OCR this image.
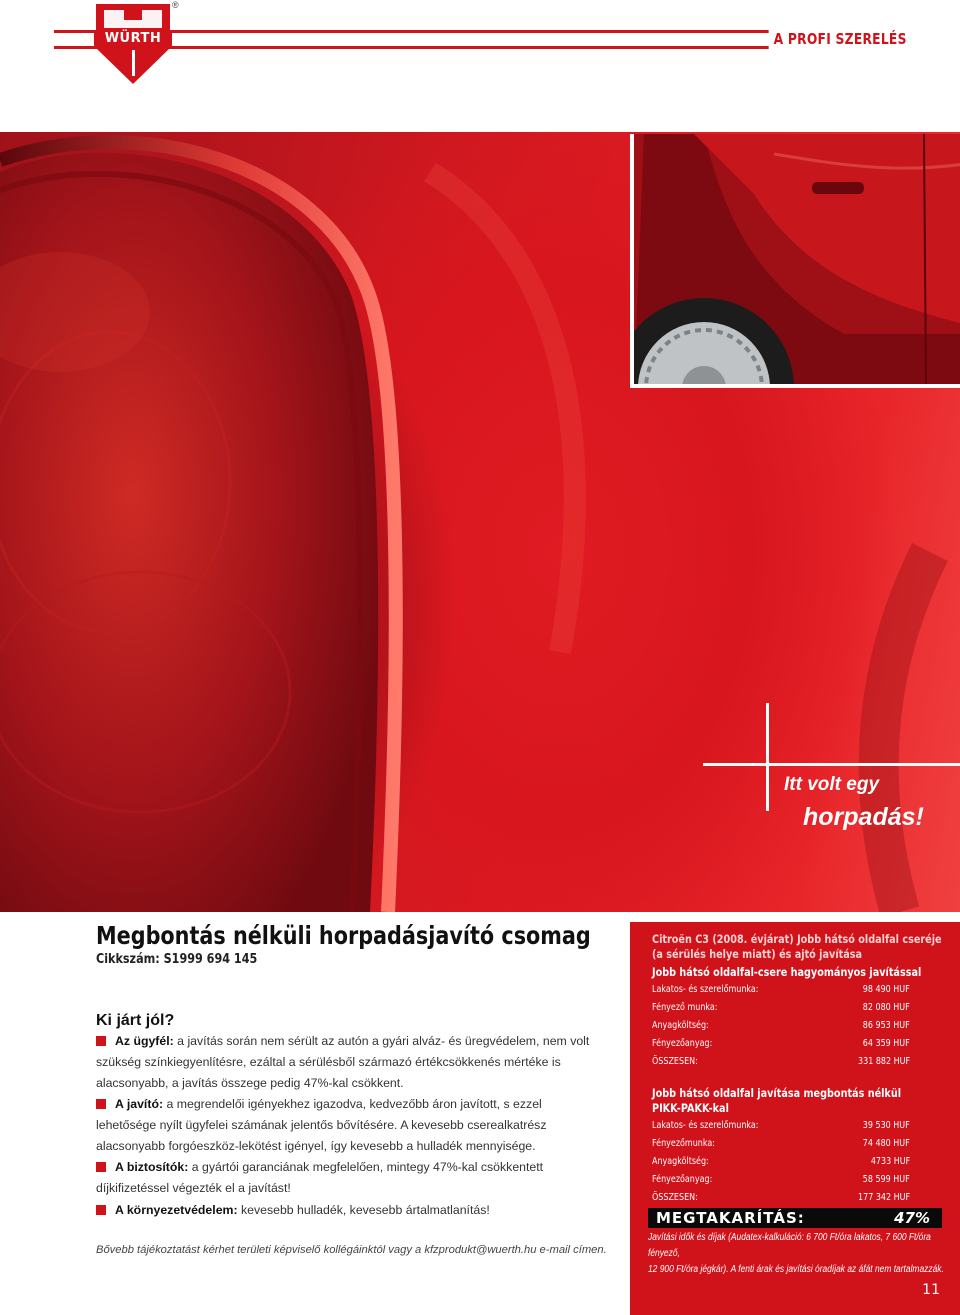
WÜRTH
®
A PROFI SZERELÉS
Itt volt egy
horpadás!
Megbontás nélküli horpadásjavító csomag
Cikkszám: S1999 694 145
Ki járt jól?
Az ügyfél: a javítás során nem sérült az autón a gyári alváz- és üregvédelem, nem volt szükség színkiegyenlítésre, ezáltal a sérülésből származó értékcsökkenés mértéke is alacsonyabb, a javítás összege pedig 47%-kal csökkent.
A javító: a megrendelői igényekhez igazodva, kedvezőbb áron javított, s ezzel lehetősége nyílt ügyfelei számának jelentős bővítésére. A kevesebb cserealkatrész alacsonyabb forgóeszköz-lekötést igényel, így kevesebb a hulladék mennyisége.
A biztosítók: a gyártói garanciának megfelelően, mintegy 47%-kal csökkentett díjkifizetéssel végezték el a javítást!
A környezetvédelem: kevesebb hulladék, kevesebb ártalmatlanítás!
Bővebb tájékoztatást kérhet területi képviselő kollégáinktól vagy a kfzprodukt@wuerth.hu e-mail címen.
Citroën C3 (2008. évjárat) Jobb hátsó oldalfal cseréje
(a sérülés helye miatt) és ajtó javítása
Jobb hátsó oldalfal-csere hagyományos javítással
Lakatos- és szerelőmunka:	98 490 HUF
Fényező munka:	82 080 HUF
Anyagköltség:	86 953 HUF
Fényezőanyag:	64 359 HUF
ÖSSZESEN:	331 882 HUF
Jobb hátsó oldalfal javítása megbontás nélkül
PIKK-PAKK-kal
Lakatos- és szerelőmunka:	39 530 HUF
Fényezőmunka:	74 480 HUF
Anyagköltség:	4733 HUF
Fényezőanyag:	58 599 HUF
ÖSSZESEN:	177 342 HUF
MEGTAKARÍTÁS:	47%
Javítási idők és díjak (Audatex-kalkuláció: 6 700 Ft/óra lakatos, 7 600 Ft/óra fényező,
12 900 Ft/óra jégkár). A fenti árak és javítási óradíjak az áfát nem tartalmazzák.
11
